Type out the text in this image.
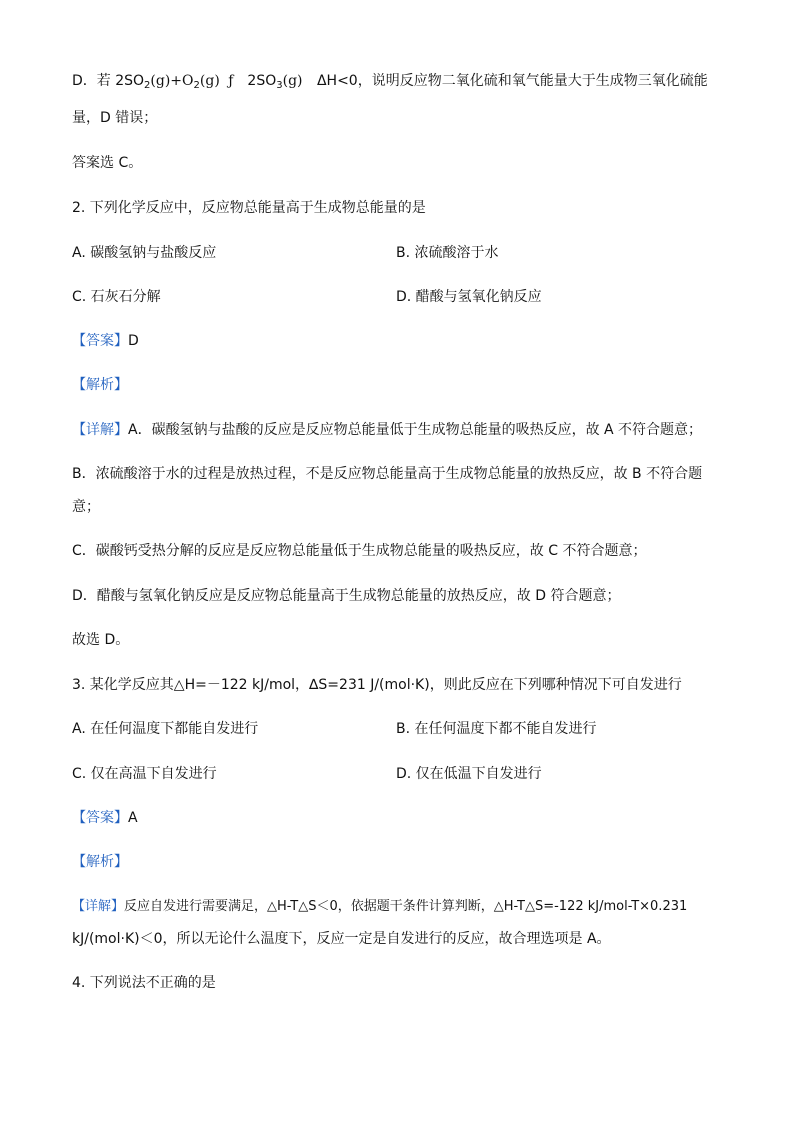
D．若 $2SO_2(g)+O_2(g)$ ƒ $2SO_3(g)$ ΔH<0，说明反应物二氧化硫和氧气能量大于生成物三氧化硫能
量，D 错误；
答案选 C。
2. 下列化学反应中，反应物总能量高于生成物总能量的是
A. 碳酸氢钠与盐酸反应	B. 浓硫酸溶于水
C. 石灰石分解	D. 醋酸与氢氧化钠反应
【答案】D
【解析】
【详解】A．碳酸氢钠与盐酸的反应是反应物总能量低于生成物总能量的吸热反应，故 A 不符合题意；
B．浓硫酸溶于水的过程是放热过程，不是反应物总能量高于生成物总能量的放热反应，故 B 不符合题
意；
C．碳酸钙受热分解的反应是反应物总能量低于生成物总能量的吸热反应，故 C 不符合题意；
D．醋酸与氢氧化钠反应是反应物总能量高于生成物总能量的放热反应，故 D 符合题意；
故选 D。
3. 某化学反应其△H=－122 kJ/mol，∆S=231 J/(mol·K)，则此反应在下列哪种情况下可自发进行
A. 在任何温度下都能自发进行	B. 在任何温度下都不能自发进行
C. 仅在高温下自发进行	D. 仅在低温下自发进行
【答案】A
【解析】
【详解】反应自发进行需要满足，△H-T△S＜0，依据题干条件计算判断，△H-T△S=-122 kJ/mol-T×0.231
kJ/(mol·K)＜0，所以无论什么温度下，反应一定是自发进行的反应，故合理选项是 A。
4. 下列说法不正确的是
